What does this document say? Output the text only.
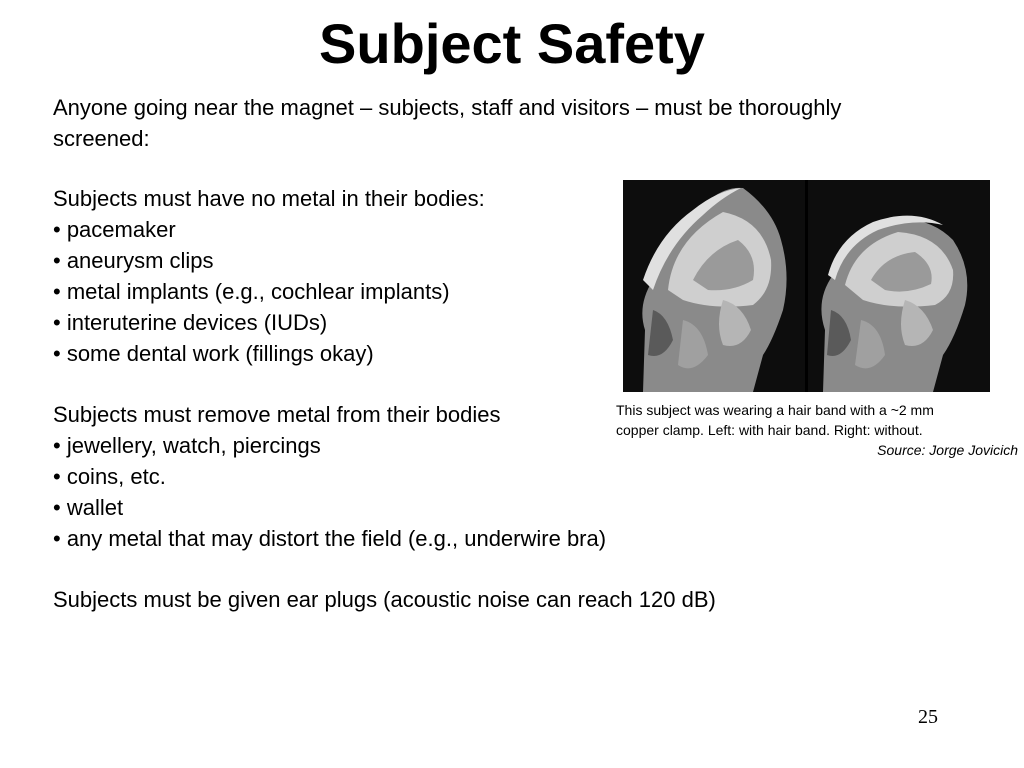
Subject Safety
Anyone going near the magnet – subjects, staff and visitors – must be thoroughly screened:
Subjects must have no metal in their bodies:
• pacemaker
• aneurysm clips
• metal implants (e.g., cochlear implants)
• interuterine devices (IUDs)
• some dental work (fillings okay)
Subjects must remove metal from their bodies
• jewellery, watch, piercings
• coins, etc.
• wallet
• any metal that may distort the field (e.g., underwire bra)
Subjects must be given ear plugs (acoustic noise can reach 120 dB)
This subject was wearing a hair band with a ~2 mm
copper clamp. Left: with hair band. Right: without.
Source: Jorge Jovicich
25
